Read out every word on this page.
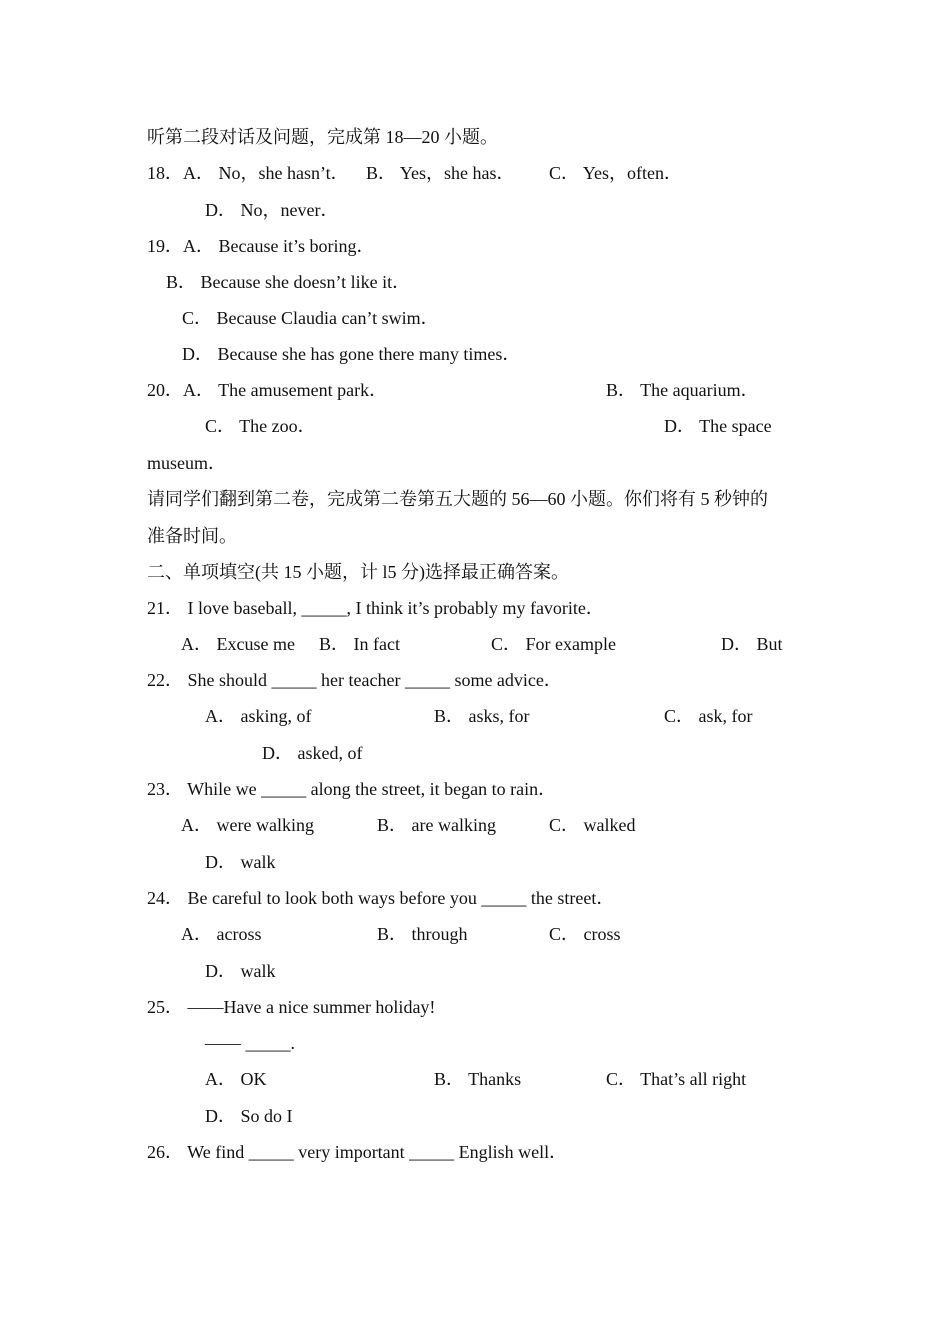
听第二段对话及问题，完成第 18—20 小题。
18．A． No，she hasn’t． B． Yes，she has． C． Yes，often．
D． No，never．
19．A． Because it’s boring．
B． Because she doesn’t like it．
C． Because Claudia can’t swim．
D． Because she has gone there many times．
20．A． The amusement park．	B． The aquarium．
C． The zoo．	D． The space
museum．
请同学们翻到第二卷，完成第二卷第五大题的 56—60 小题。你们将有 5 秒钟的
准备时间。
二、单项填空(共 15 小题，计 l5 分)选择最正确答案。
21． I love baseball, _____, I think it’s probably my favorite．
A． Excuse me B． In fact	C． For example	D． But
22． She should _____ her teacher _____ some advice．
A． asking, of	B． asks, for	C． ask, for
D． asked, of
23． While we _____ along the street, it began to rain．
A． were walking	B． are walking	C． walked
D． walk
24． Be careful to look both ways before you _____ the street．
A． across	B． through	C． cross
D． walk
25． ——Have a nice summer holiday!
—— _____.
A． OK	B． Thanks	C． That’s all right
D． So do I
26． We find _____ very important _____ English well．
